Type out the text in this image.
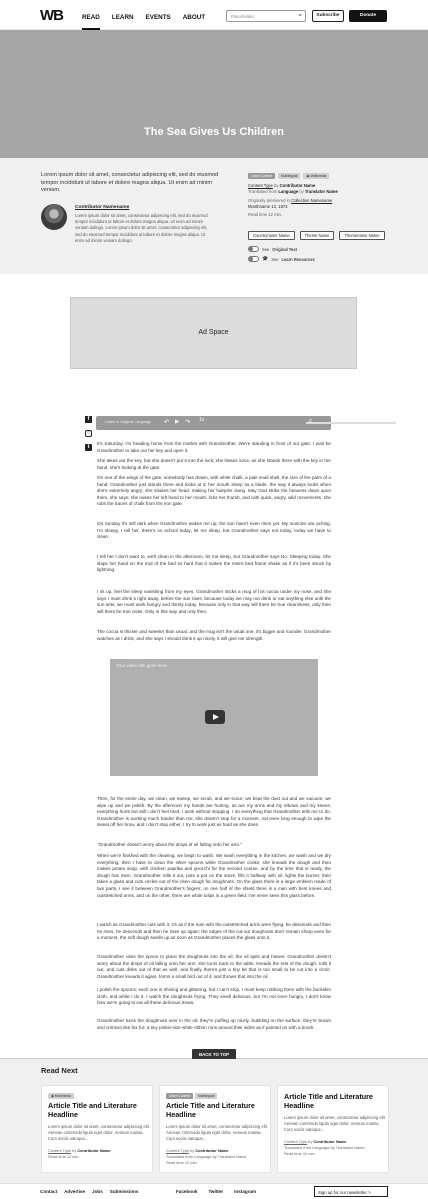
WB	READ LEARN EVENTS ABOUT	Placeholder	⌕	Subscribe	Donate
The Sea Gives Us Children

Lorem ipsum dolor sit amet, consectetur adipiscing elit, sed do eiusmod tempor incididunt ut labore et dolore magna aliqua. Ut enim ad minim veniam.

Contributor Namename

Lorem ipsum dolor sit amet, consectetur adipiscing elit, sed do eiusmod tempor incididunt ut labore et dolore magna aliqua. Ut enim ad minim veniam dolingo. Lorem ipsum dolor sit amet, consectetur adipiscing elit, sed do eiusmod tempor incididunt ut labore et dolore magna aliqua. Ut enim ad minim veniam dolingo.

Learn Content	Multilingual	◉ Multimedia
Content Type by Contributor Name
Translated from Language by Translator Name
Originally premiered in Collection Namename
Monthname 12, 1872
Read time 12 min.
Countryname Name	Theme Name	Themename Name
See Original Text
🎓 See Learn Resources
Ad Space
f
○
t
Listen in Original Language ↶ ▶ ↷ 1x	♬

It's Saturday. I'm heading home from the market with Grandmother. We're standing in front of our gate. I wait for Grandmother to take out her key and open it.

She takes out the key, but she doesn't put it into the lock; she hisses once, as she stands there with the key in her hand, she's looking at the gate.

On one of the wings of the gate, somebody has drawn, with white chalk, a pale snail shell, the size of the palm of a hand. Grandmother just stands there and looks at it; her mouth sharp as a blade, the way it always looks when she's extremely angry; she shakes her head, making her hairpins clang. May God strike the heavens down upon them, she says; she raises her left hand to her mouth, licks her thumb, and with quick, angry, wild movements, she rubs the traces of chalk from the iron gate.

On Sunday it's still dark when Grandmother wakes me up; the sun hasn't even risen yet. My muscles are aching, I'm sleepy, I tell her, there's no school today, let me sleep, but Grandmother says not today, today we have to clean.

I tell her I don't want to, we'll clean in the afternoon, let me sleep, but Grandmother says No. Sleeping today. She slaps her hand on the end of the bed so hard that it makes the entire bed frame shake as if it's been struck by lightning.

I sit up, feel the sleep vanishing from my eyes. Grandmother sticks a mug of hot cocoa under my nose, and she says I must drink it right away, before the sun rises, because today we may not drink or eat anything else until the sun sets, we must work hungry and thirsty today, because only in that way will there be true cleanliness, only then will there be true order. Only in this way and only then.

The cocoa is thicker and sweeter than usual, and the mug isn't the usual one, it's bigger and rounder. Grandmother watches as I drink, and she says I should drink it up nicely, it will give me strength.

Your video title goes here

Then, for the entire day, we clean, we sweep, we scrub, and we scour; we beat the dust out and we vacuum; we wipe up and we polish. By the afternoon my hands are hurting, as are my arms and my elbows and my knees; everything hurts but still I don't feel tired, I work without stopping. I do everything that Grandmother tells me to do. Grandmother is working much harder than me, she doesn't stop for a moment, not even long enough to wipe the sweat off her brow, and I don't stop either, I try to work just as hard as she does.

"Grandmother doesn't worry about the drops of oil falling onto her arm."

When we're finished with the cleaning, we begin to wash. We wash everything in the kitchen, we wash and we dry everything, then I have to clean the silver spoons while Grandmother cooks; she kneads the dough and then makes potato soup, with chicken paprika and gnocchi for the second course, and by the time that is ready, the dough has risen. Grandmother rolls it out, puts a pot on the stove, fills it halfway with oil, lights the burner, then takes a glass and cuts circles out of the risen dough for doughnuts. On the glass there is a large emblem made of two parts, I see it between Grandmother's fingers; on one half of the shield there is a man with bent knees and outstretched arms, and on the other, there are white tulips in a green field. I've never seen this glass before.

I watch as Grandmother cuts with it; it's as if the man with the outstretched arms were flying, he descends and then he rises, he descends and then he rises up again; the edges of the cut-out doughnuts don't remain sharp even for a moment, the soft dough swells up as soon as Grandmother places the glass onto it.

Grandmother uses the spoon to place the doughnuts into the oil, the oil spits and hisses. Grandmother doesn't worry about the drops of oil falling onto her arm; she turns back to the table, kneads the rest of the dough, rolls it out, and cuts disks out of that as well, and finally there's just a tiny bit that is too small to be cut into a circle. Grandmother kneads it again, forms a small bird out of it, and throws that into the oil.

I polish the spoons; each one is shining and glittering, but I can't stop, I must keep rubbing them with the buckskin cloth, and while I do it, I watch the doughnuts frying. They smell delicious, but I'm not even hungry, I don't know how we're going to eat all these delicious treats.

Grandmother turns the doughnuts over in the oil; they're puffing up nicely, bubbling on the surface, they're brown and crimson like fox fur; a tiny pinkie-size white ribbon runs around their sides as if painted on with a brush.

BACK TO TOP
Read Next
◉ Multimedia
Article Title and Literature Headline

Lorem ipsum dolor sit amet, consectetur adipiscing elit. Aenean commodo ligula eget dolor. Aenean massa. Cum sociis natoque...

Content Type by Contributor Name
Read time 12 min.
Learn Content	Multilingual
Article Title and Literature Headline

Lorem ipsum dolor sit amet, consectetur adipiscing elit. Aenean commodo ligula eget dolor. Aenean massa. Cum sociis natoque...

Content Type by Contributor Name
Translated from Language by Translator Name
Read time 12 min.
Article Title and Literature Headline

Lorem ipsum dolor sit amet, consectetur adipiscing elit. Aenean commodo ligula eget dolor. Aenean massa. Cum sociis natoque...

Content Type by Contributor Name
Translated from Language by Translator Name
Read time 12 min.
Contact Advertise Jobs Submissions	Facebook Twitter Instagram	Sign up for our newsletter >
